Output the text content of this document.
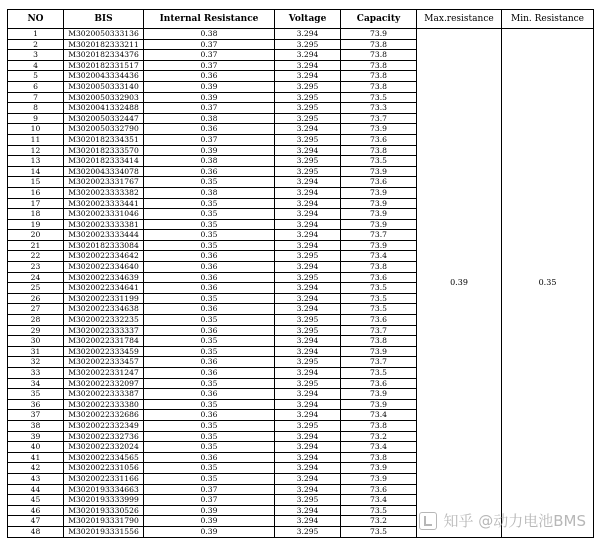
NO	BIS	Internal Resistance	Voltage	Capacity	Max.resistance	Min. Resistance
1	M3020050333136	0.38	3.294	73.9	0.39	0.35
2	M3020182333211	0.37	3.295	73.8		
3	M3020182334376	0.37	3.294	73.8		
4	M3020182331517	0.37	3.294	73.8		
5	M3020043334436	0.36	3.294	73.8		
6	M3020050333140	0.39	3.295	73.8		
7	M3020050332903	0.39	3.295	73.5		
8	M3020041332488	0.37	3.295	73.3		
9	M3020050332447	0.38	3.295	73.7		
10	M3020050332790	0.36	3.294	73.9		
11	M3020182334351	0.37	3.295	73.6		
12	M3020182333570	0.39	3.294	73.8		
13	M3020182333414	0.38	3.295	73.5		
14	M3020043334078	0.36	3.295	73.9		
15	M3020023331767	0.35	3.294	73.6		
16	M3020023333382	0.38	3.294	73.9		
17	M3020023333441	0.35	3.294	73.9		
18	M3020023331046	0.35	3.294	73.9		
19	M3020023333381	0.35	3.294	73.9		
20	M3020023333444	0.35	3.294	73.7		
21	M3020182333084	0.35	3.294	73.9		
22	M3020022334642	0.36	3.295	73.4		
23	M3020022334640	0.36	3.294	73.8		
24	M3020022334639	0.36	3.295	73.6		
25	M3020022334641	0.36	3.294	73.5		
26	M3020022331199	0.35	3.294	73.5		
27	M3020022334638	0.36	3.294	73.5		
28	M3020022332235	0.35	3.295	73.6		
29	M3020022333337	0.36	3.295	73.7		
30	M3020022331784	0.35	3.294	73.8		
31	M3020022333459	0.35	3.294	73.9		
32	M3020022333457	0.36	3.295	73.7		
33	M3020022331247	0.36	3.294	73.5		
34	M3020022332097	0.35	3.295	73.6		
35	M3020022333387	0.36	3.294	73.9		
36	M3020022333380	0.35	3.294	73.9		
37	M3020022332686	0.36	3.294	73.4		
38	M3020022332349	0.35	3.295	73.8		
39	M3020022332736	0.35	3.294	73.2		
40	M3020022332024	0.35	3.294	73.4		
41	M3020022334565	0.36	3.294	73.8		
42	M3020022331056	0.35	3.294	73.9		
43	M3020022331166	0.35	3.294	73.9		
44	M3020193334663	0.37	3.294	73.6		
45	M3020193333999	0.37	3.295	73.4		
46	M3020193330526	0.39	3.294	73.5		
47	M3020193331790	0.39	3.294	73.2		
48	M3020193331556	0.39	3.295	73.5		
知乎 @动力电池BMS
